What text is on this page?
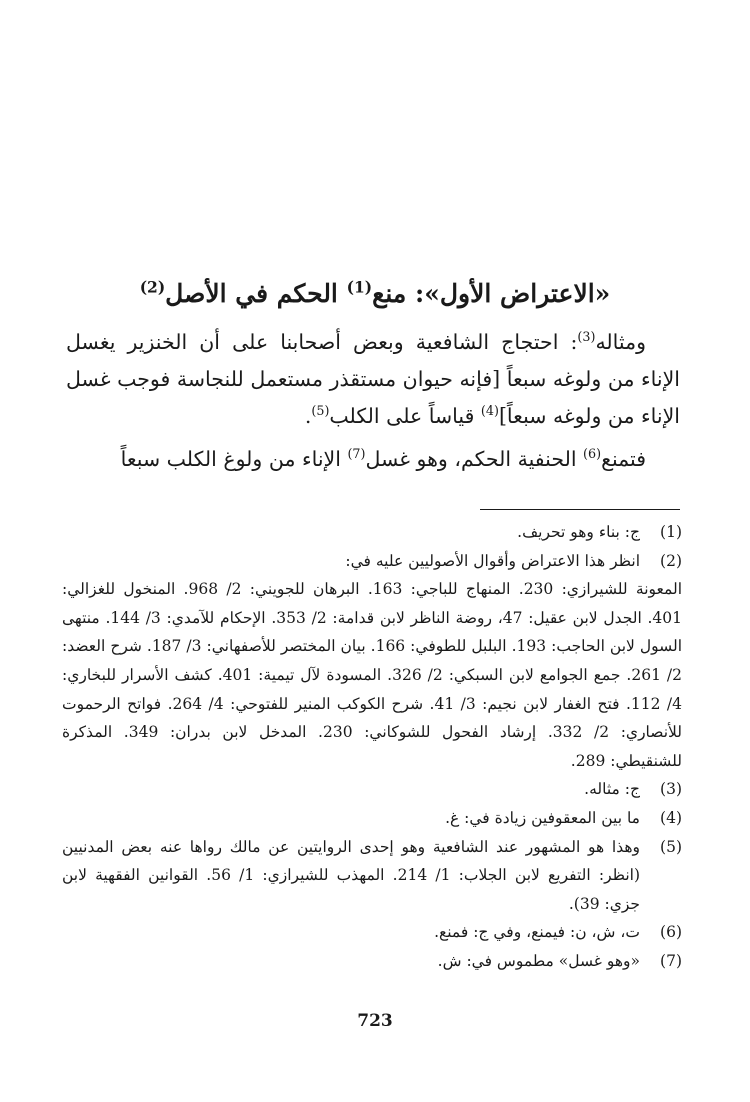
«الاعتراض الأول»: منع$^{(1)}$ الحكم في الأصل$^{(2)}$

ومثاله$^{(3)}$: احتجاج الشافعية وبعض أصحابنا على أن الخنزير يغسل الإناء من ولوغه سبعاً [فإنه حيوان مستقذر مستعمل للنجاسة فوجب غسل الإناء من ولوغه سبعاً]$^{(4)}$ قياساً على الكلب$^{(5)}$.

فتمنع$^{(6)}$ الحنفية الحكم، وهو غسل$^{(7)}$ الإناء من ولوغ الكلب سبعاً

(1)
ج: بناء وهو تحريف.
(2)
انظر هذا الاعتراض وأقوال الأصوليين عليه في:
المعونة للشيرازي: 230. المنهاج للباجي: 163. البرهان للجويني: 2/ 968. المنخول للغزالي: 401. الجدل لابن عقيل: 47، روضة الناظر لابن قدامة: 2/ 353. الإحكام للآمدي: 3/ 144. منتهى السول لابن الحاجب: 193. البلبل للطوفي: 166. بيان المختصر للأصفهاني: 3/ 187. شرح العضد: 2/ 261. جمع الجوامع لابن السبكي: 2/ 326. المسودة لآل تيمية: 401. كشف الأسرار للبخاري: 4/ 112. فتح الغفار لابن نجيم: 3/ 41. شرح الكوكب المنير للفتوحي: 4/ 264. فواتح الرحموت للأنصاري: 2/ 332. إرشاد الفحول للشوكاني: 230. المدخل لابن بدران: 349. المذكرة للشنقيطي: 289.
(3)
ج: مثاله.
(4)
ما بين المعقوفين زيادة في: غ.
(5)
وهذا هو المشهور عند الشافعية وهو إحدى الروايتين عن مالك رواها عنه بعض المدنيين (انظر: التفريع لابن الجلاب: 1/ 214. المهذب للشيرازي: 1/ 56. القوانين الفقهية لابن جزي: 39).
(6)
ت، ش، ن: فيمنع، وفي ج: فمنع.
(7)
«وهو غسل» مطموس في: ش.
723
